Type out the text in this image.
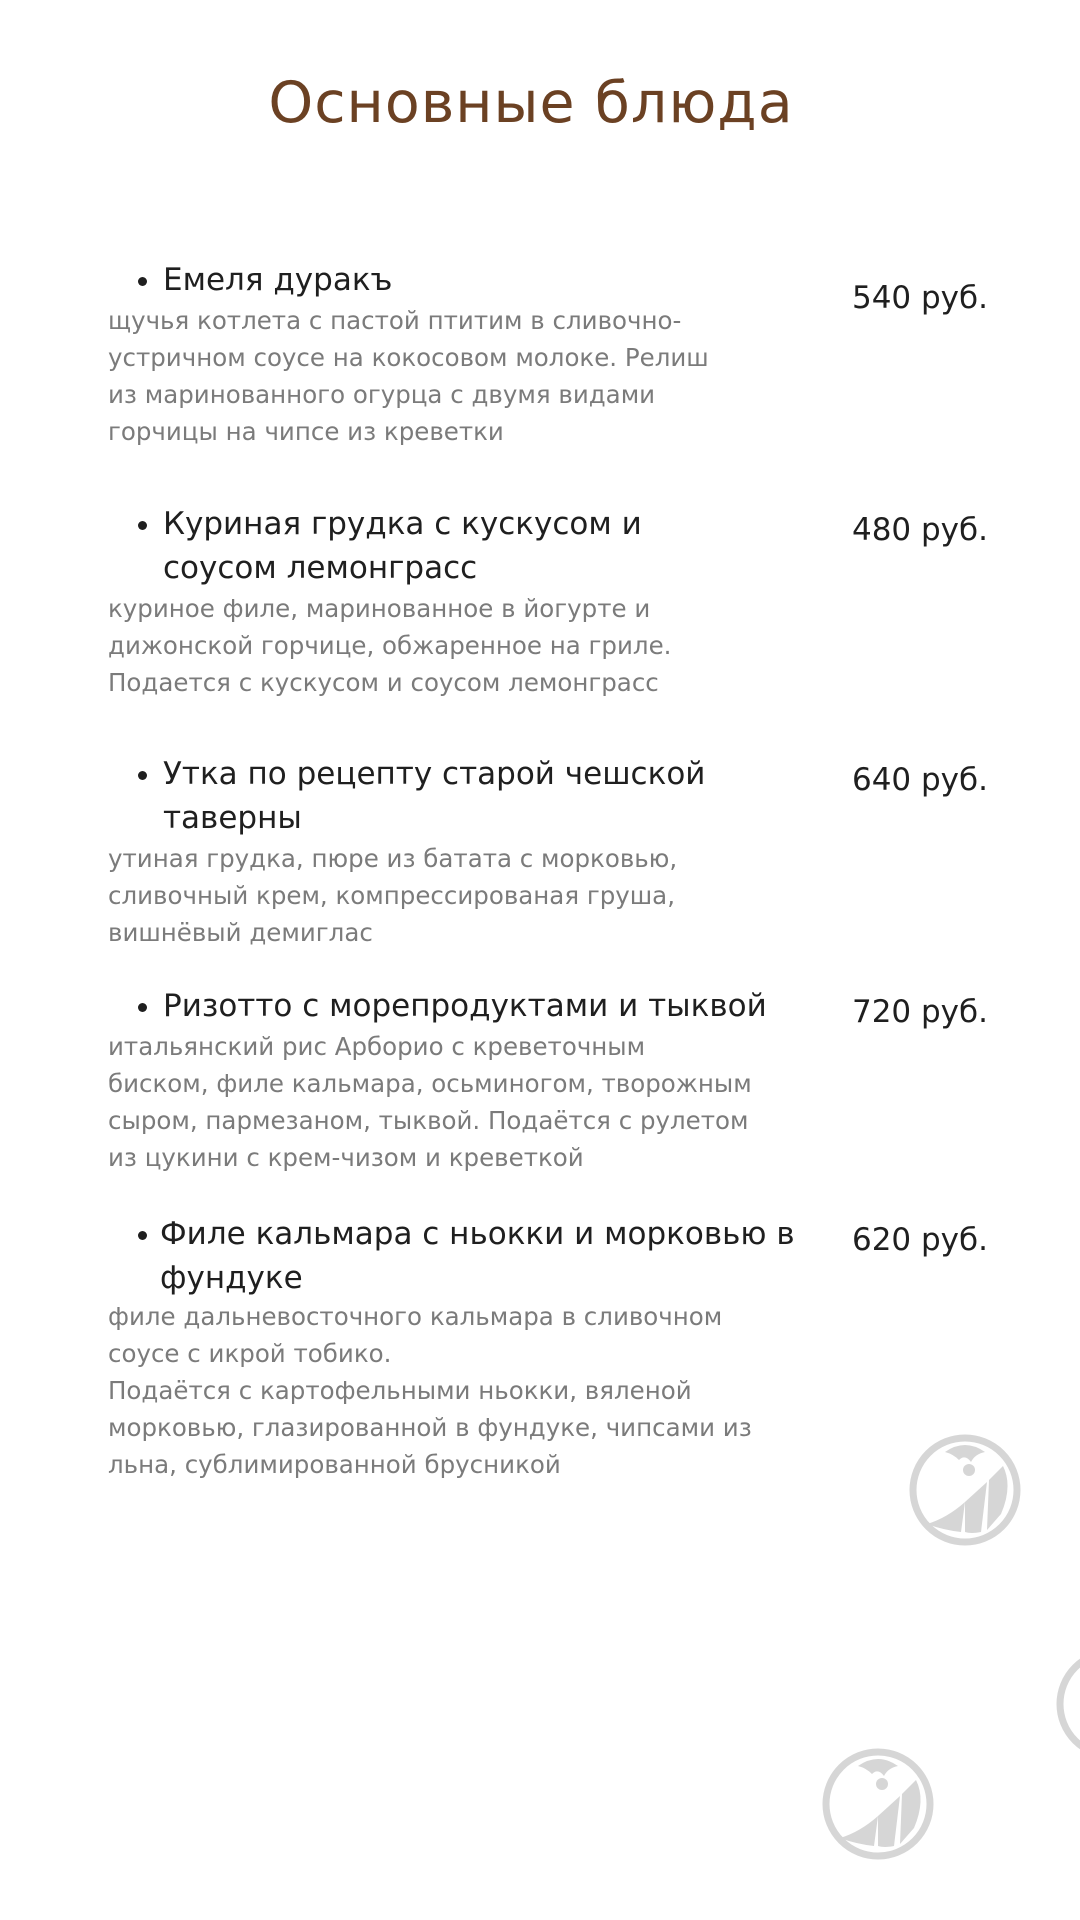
Основные блюда
Емеля дуракъ	540 руб.

щучья котлета с пастой птитим в сливочно-
устричном соусе на кокосовом молоке. Релиш
из маринованного огурца с двумя видами
горчицы на чипсе из креветки

Куриная грудка с кускусом и соусом лемонграсс
480 руб.

куриное филе, маринованное в йогурте и
дижонской горчице, обжаренное на гриле.
Подается с кускусом и соусом лемонграсс

Утка по рецепту старой чешской таверны
640 руб.

утиная грудка, пюре из батата с морковью,
сливочный крем, компрессированая груша,
вишнёвый демиглас

Ризотто с морепродуктами и тыквой	720 руб.

итальянский рис Арборио с креветочным
биском, филе кальмара, осьминогом, творожным
сыром, пармезаном, тыквой. Подаётся с рулетом
из цукини с крем-чизом и креветкой

Филе кальмара с ньокки и морковью в фундуке
620 руб.

филе дальневосточного кальмара в сливочном
соусе с икрой тобико.
Подаётся с картофельными ньокки, вяленой
морковью, глазированной в фундуке, чипсами из
льна, сублимированной брусникой
